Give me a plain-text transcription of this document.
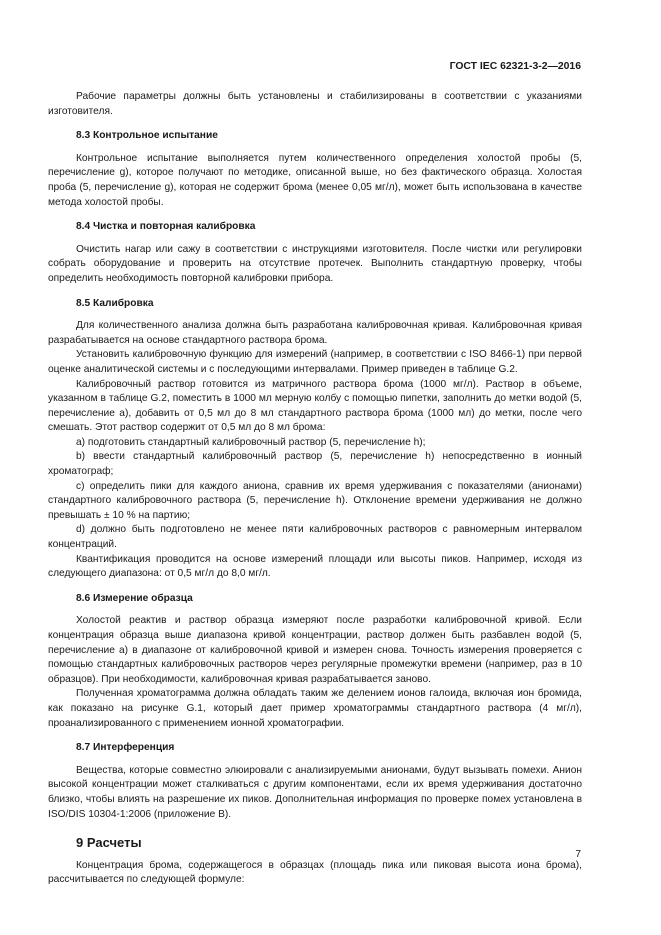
ГОСТ IEC 62321-3-2—2016

Рабочие параметры должны быть установлены и стабилизированы в соответствии с указаниями изготовителя.

8.3 Контрольное испытание

Контрольное испытание выполняется путем количественного определения холостой пробы (5, перечисление g), которое получают по методике, описанной выше, но без фактического образца. Холостая проба (5, перечисление g), которая не содержит брома (менее 0,05 мг/л), может быть использована в качестве метода холостой пробы.

8.4 Чистка и повторная калибровка

Очистить нагар или сажу в соответствии с инструкциями изготовителя. После чистки или регулировки собрать оборудование и проверить на отсутствие протечек. Выполнить стандартную проверку, чтобы определить необходимость повторной калибровки прибора.

8.5 Калибровка

Для количественного анализа должна быть разработана калибровочная кривая. Калибровочная кривая разрабатывается на основе стандартного раствора брома.

Установить калибровочную функцию для измерений (например, в соответствии с ISO 8466-1) при первой оценке аналитической системы и с последующими интервалами. Пример приведен в таблице G.2.

Калибровочный раствор готовится из матричного раствора брома (1000 мг/л). Раствор в объеме, указанном в таблице G.2, поместить в 1000 мл мерную колбу с помощью пипетки, заполнить до метки водой (5, перечисление а), добавить от 0,5 мл до 8 мл стандартного раствора брома (1000 мл) до метки, после чего смешать. Этот раствор содержит от 0,5 мл до 8 мл брома:

a) подготовить стандартный калибровочный раствор (5, перечисление h);

b) ввести стандартный калибровочный раствор (5, перечисление h) непосредственно в ионный хроматограф;

c) определить пики для каждого аниона, сравнив их время удерживания с показателями (анионами) стандартного калибровочного раствора (5, перечисление h). Отклонение времени удерживания не должно превышать ± 10 % на партию;

d) должно быть подготовлено не менее пяти калибровочных растворов с равномерным интервалом концентраций.

Квантификация проводится на основе измерений площади или высоты пиков. Например, исходя из следующего диапазона: от 0,5 мг/л до 8,0 мг/л.

8.6 Измерение образца

Холостой реактив и раствор образца измеряют после разработки калибровочной кривой. Если концентрация образца выше диапазона кривой концентрации, раствор должен быть разбавлен водой (5, перечисление а) в диапазоне от калибровочной кривой и измерен снова. Точность измерения проверяется с помощью стандартных калибровочных растворов через регулярные промежутки времени (например, раз в 10 образцов). При необходимости, калибровочная кривая разрабатывается заново.

Полученная хроматограмма должна обладать таким же делением ионов галоида, включая ион бромида, как показано на рисунке G.1, который дает пример хроматограммы стандартного раствора (4 мг/л), проанализированного с применением ионной хроматографии.

8.7 Интерференция

Вещества, которые совместно элюировали с анализируемыми анионами, будут вызывать помехи. Анион высокой концентрации может сталкиваться с другим компонентами, если их время удерживания достаточно близко, чтобы влиять на разрешение их пиков. Дополнительная информация по проверке помех установлена в ISO/DIS 10304-1:2006 (приложение В).

9 Расчеты

Концентрация брома, содержащегося в образцах (площадь пика или пиковая высота иона брома), рассчитывается по следующей формуле:

7
